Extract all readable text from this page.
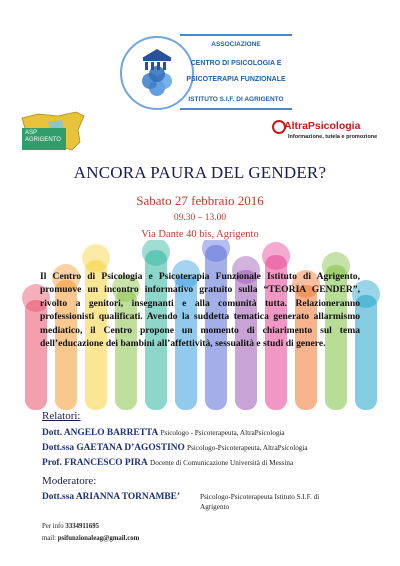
ASSOCIAZIONE
CENTRO DI PSICOLOGIA E
PSICOTERAPIA FUNZIONALE
ISTITUTO S.I.F. DI AGRIGENTO
ASP
AGRIGENTO
AltraPsicologia
Informazione, tutela e promozione
ANCORA PAURA DEL GENDER?
Sabato 27 febbraio 2016
09.30 – 13.00
Via Dante 40 bis, Agrigento
Il Centro di Psicologia e Psicoterapia Funzionale Istituto di Agrigento, promuove un incontro informativo gratuito sulla “TEORIA GENDER”, rivolto a genitori, insegnanti e alla comunità tutta. Relazioneranno professionisti qualificati. Avendo la suddetta tematica generato allarmismo mediatico, il Centro propone un momento di chiarimento sul tema dell’educazione dei bambini all’affettività, sessualità e studi di genere.
Relatori:
Dott. ANGELO BARRETTA Psicologo - Psicoterapeuta, AltraPsicologia
Dott.ssa GAETANA D’AGOSTINO Psicologo-Psicoterapeuta, AltraPsicologia
Prof. FRANCESCO PIRA Docente di Comunicazione Università di Messina
Moderatore:
Dott.ssa ARIANNA TORNAMBE’	Psicologo-Psicoterapeuta Istituto S.I.F. di
Agrigento
Per info 3334911695
mail: psifunzionaleag@gmail.com
